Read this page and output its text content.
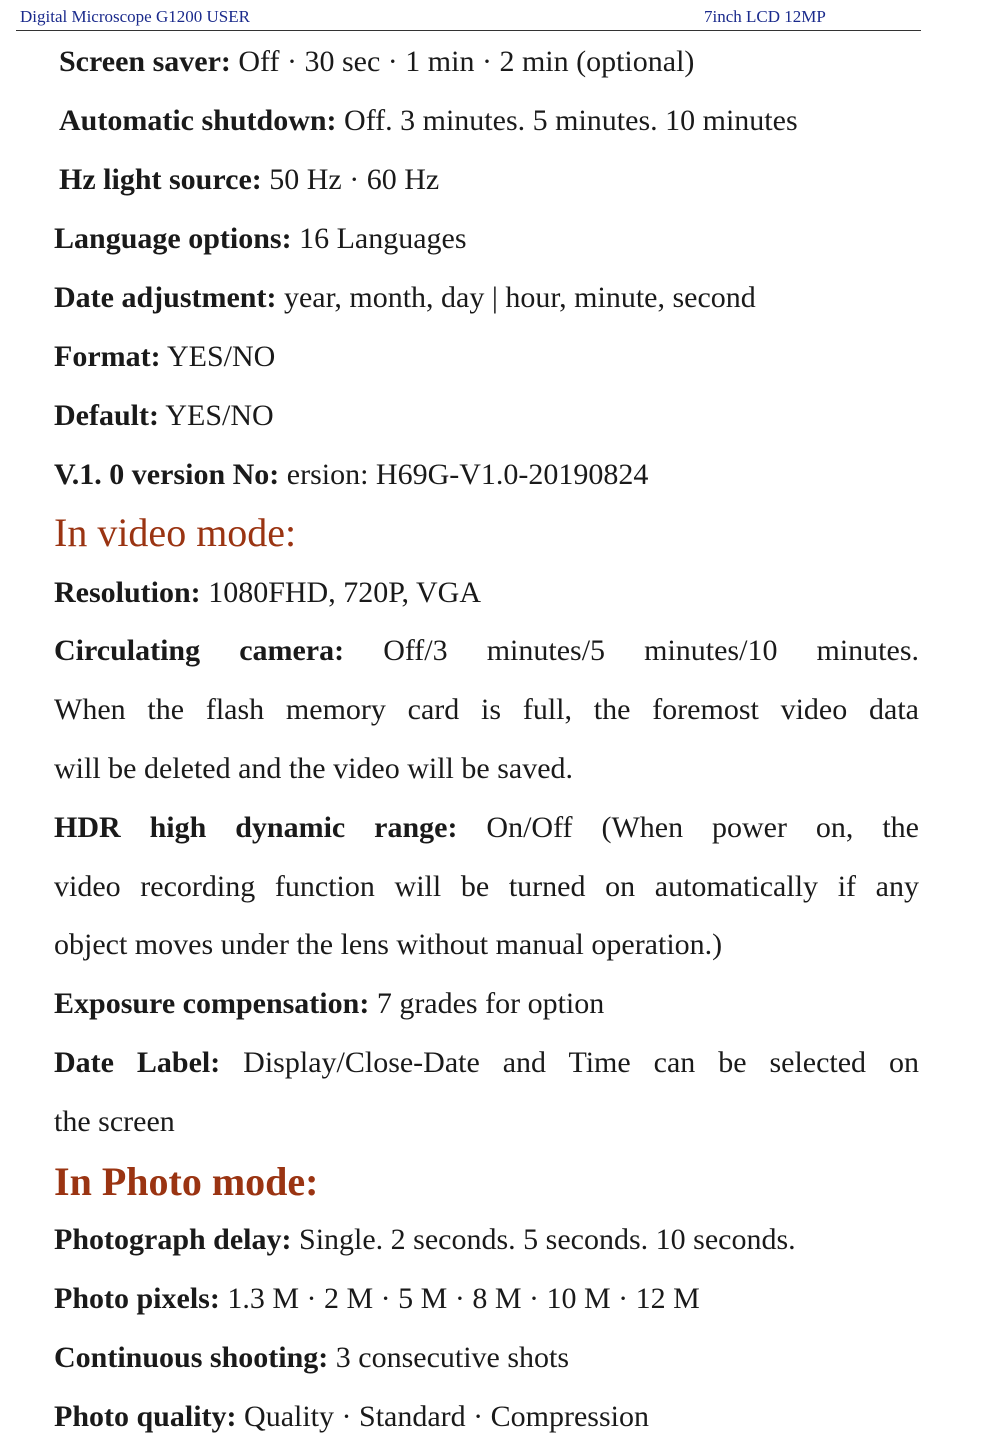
Digital Microscope G1200 USER	7inch LCD 12MP
Screen saver: Off · 30 sec · 1 min · 2 min (optional)
Automatic shutdown: Off. 3 minutes. 5 minutes. 10 minutes
Hz light source: 50 Hz · 60 Hz
Language options: 16 Languages
Date adjustment: year, month, day | hour, minute, second
Format: YES/NO
Default: YES/NO
V.1. 0 version No: ersion: H69G-V1.0-20190824
In video mode:
Resolution: 1080FHD, 720P, VGA
Circulating camera: Off/3 minutes/5 minutes/10 minutes.
When the flash memory card is full, the foremost video data
will be deleted and the video will be saved.
HDR high dynamic range: On/Off (When power on, the
video recording function will be turned on automatically if any
object moves under the lens without manual operation.)
Exposure compensation: 7 grades for option
Date Label: Display/Close-Date and Time can be selected on
the screen
In Photo mode:
Photograph delay: Single. 2 seconds. 5 seconds. 10 seconds.
Photo pixels: 1.3 M · 2 M · 5 M · 8 M · 10 M · 12 M
Continuous shooting: 3 consecutive shots
Photo quality: Quality · Standard · Compression
